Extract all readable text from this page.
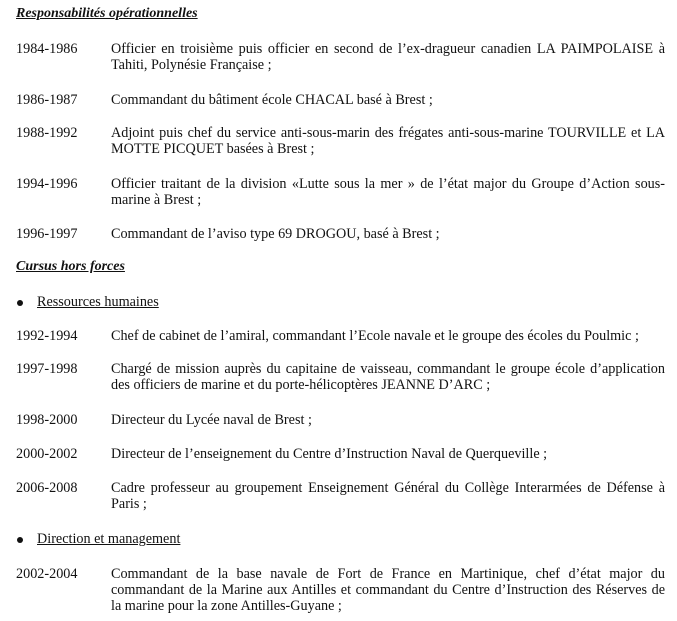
Responsabilités opérationnelles
1984-1986 Officier en troisième puis officier en second de l’ex-dragueur canadien LA PAIMPOLAISE à Tahiti, Polynésie Française ;
1986-1987 Commandant du bâtiment école CHACAL basé à Brest ;
1988-1992 Adjoint puis chef du service anti-sous-marin des frégates anti-sous-marine TOURVILLE et LA MOTTE PICQUET basées à Brest ;
1994-1996 Officier traitant de la division «Lutte sous la mer » de l’état major du Groupe d’Action sous-marine à Brest ;
1996-1997 Commandant de l’aviso type 69 DROGOU, basé à Brest ;
Cursus hors forces
Ressources humaines
1992-1994 Chef de cabinet de l’amiral, commandant l’Ecole navale et le groupe des écoles du Poulmic ;
1997-1998 Chargé de mission auprès du capitaine de vaisseau, commandant le groupe école d’application des officiers de marine et du porte-hélicoptères JEANNE D’ARC ;
1998-2000 Directeur du Lycée naval de Brest ;
2000-2002 Directeur de l’enseignement du Centre d’Instruction Naval de Querqueville ;
2006-2008 Cadre professeur au groupement Enseignement Général du Collège Interarmées de Défense à Paris ;
Direction et management
2002-2004 Commandant de la base navale de Fort de France en Martinique, chef d’état major du commandant de la Marine aux Antilles et commandant du Centre d’Instruction des Réserves de la marine pour la zone Antilles-Guyane ;
